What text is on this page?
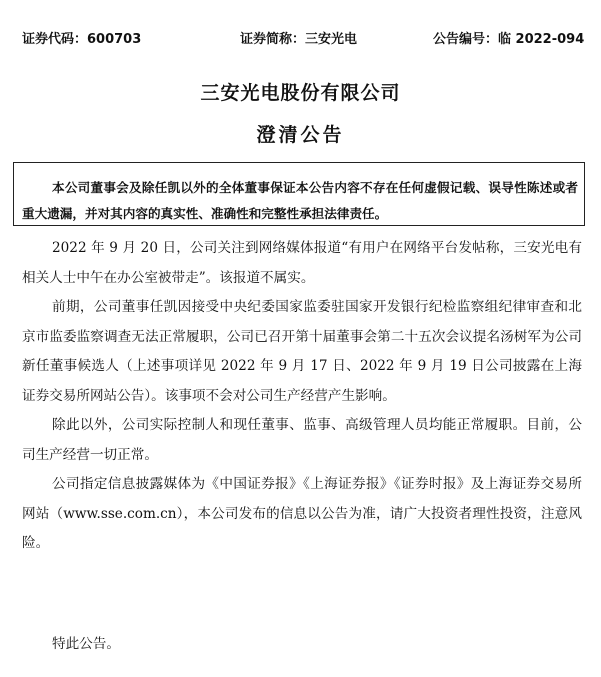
证券代码：600703	证券简称：三安光电	公告编号：临 2022-094
三安光电股份有限公司
澄清公告

本公司董事会及除任凯以外的全体董事保证本公告内容不存在任何虚假记载、误导性陈述或者重大遗漏，并对其内容的真实性、准确性和完整性承担法律责任。

2022 年 9 月 20 日，公司关注到网络媒体报道“有用户在网络平台发帖称，三安光电有相关人士中午在办公室被带走”。该报道不属实。

前期，公司董事任凯因接受中央纪委国家监委驻国家开发银行纪检监察组纪律审查和北京市监委监察调查无法正常履职，公司已召开第十届董事会第二十五次会议提名汤树军为公司新任董事候选人（上述事项详见 2022 年 9 月 17 日、2022 年 9 月 19 日公司披露在上海证券交易所网站公告）。该事项不会对公司生产经营产生影响。

除此以外，公司实际控制人和现任董事、监事、高级管理人员均能正常履职。目前，公司生产经营一切正常。

公司指定信息披露媒体为《中国证券报》《上海证券报》《证券时报》及上海证券交易所网站（www.sse.com.cn），本公司发布的信息以公告为准，请广大投资者理性投资，注意风险。

特此公告。
